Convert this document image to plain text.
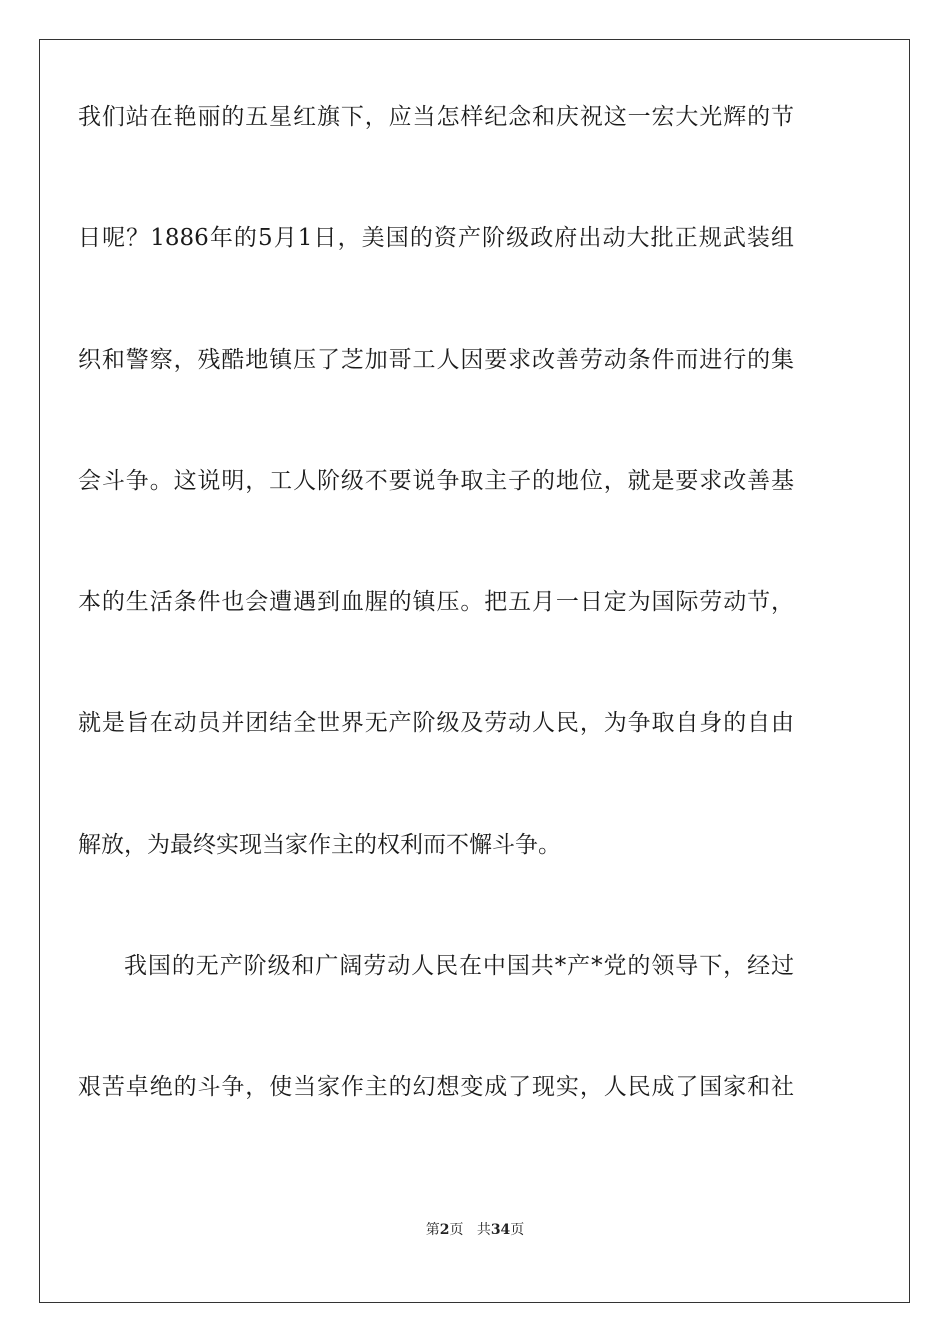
我们站在艳丽的五星红旗下，应当怎样纪念和庆祝这一宏大光辉的节
日呢？1886年的5月1日，美国的资产阶级政府出动大批正规武装组
织和警察，残酷地镇压了芝加哥工人因要求改善劳动条件而进行的集
会斗争。这说明，工人阶级不要说争取主子的地位，就是要求改善基
本的生活条件也会遭遇到血腥的镇压。把五月一日定为国际劳动节，
就是旨在动员并团结全世界无产阶级及劳动人民，为争取自身的自由
解放，为最终实现当家作主的权利而不懈斗争。
我国的无产阶级和广阔劳动人民在中国共*产*党的领导下，经过
艰苦卓绝的斗争，使当家作主的幻想变成了现实，人民成了国家和社
第2页 共34页
